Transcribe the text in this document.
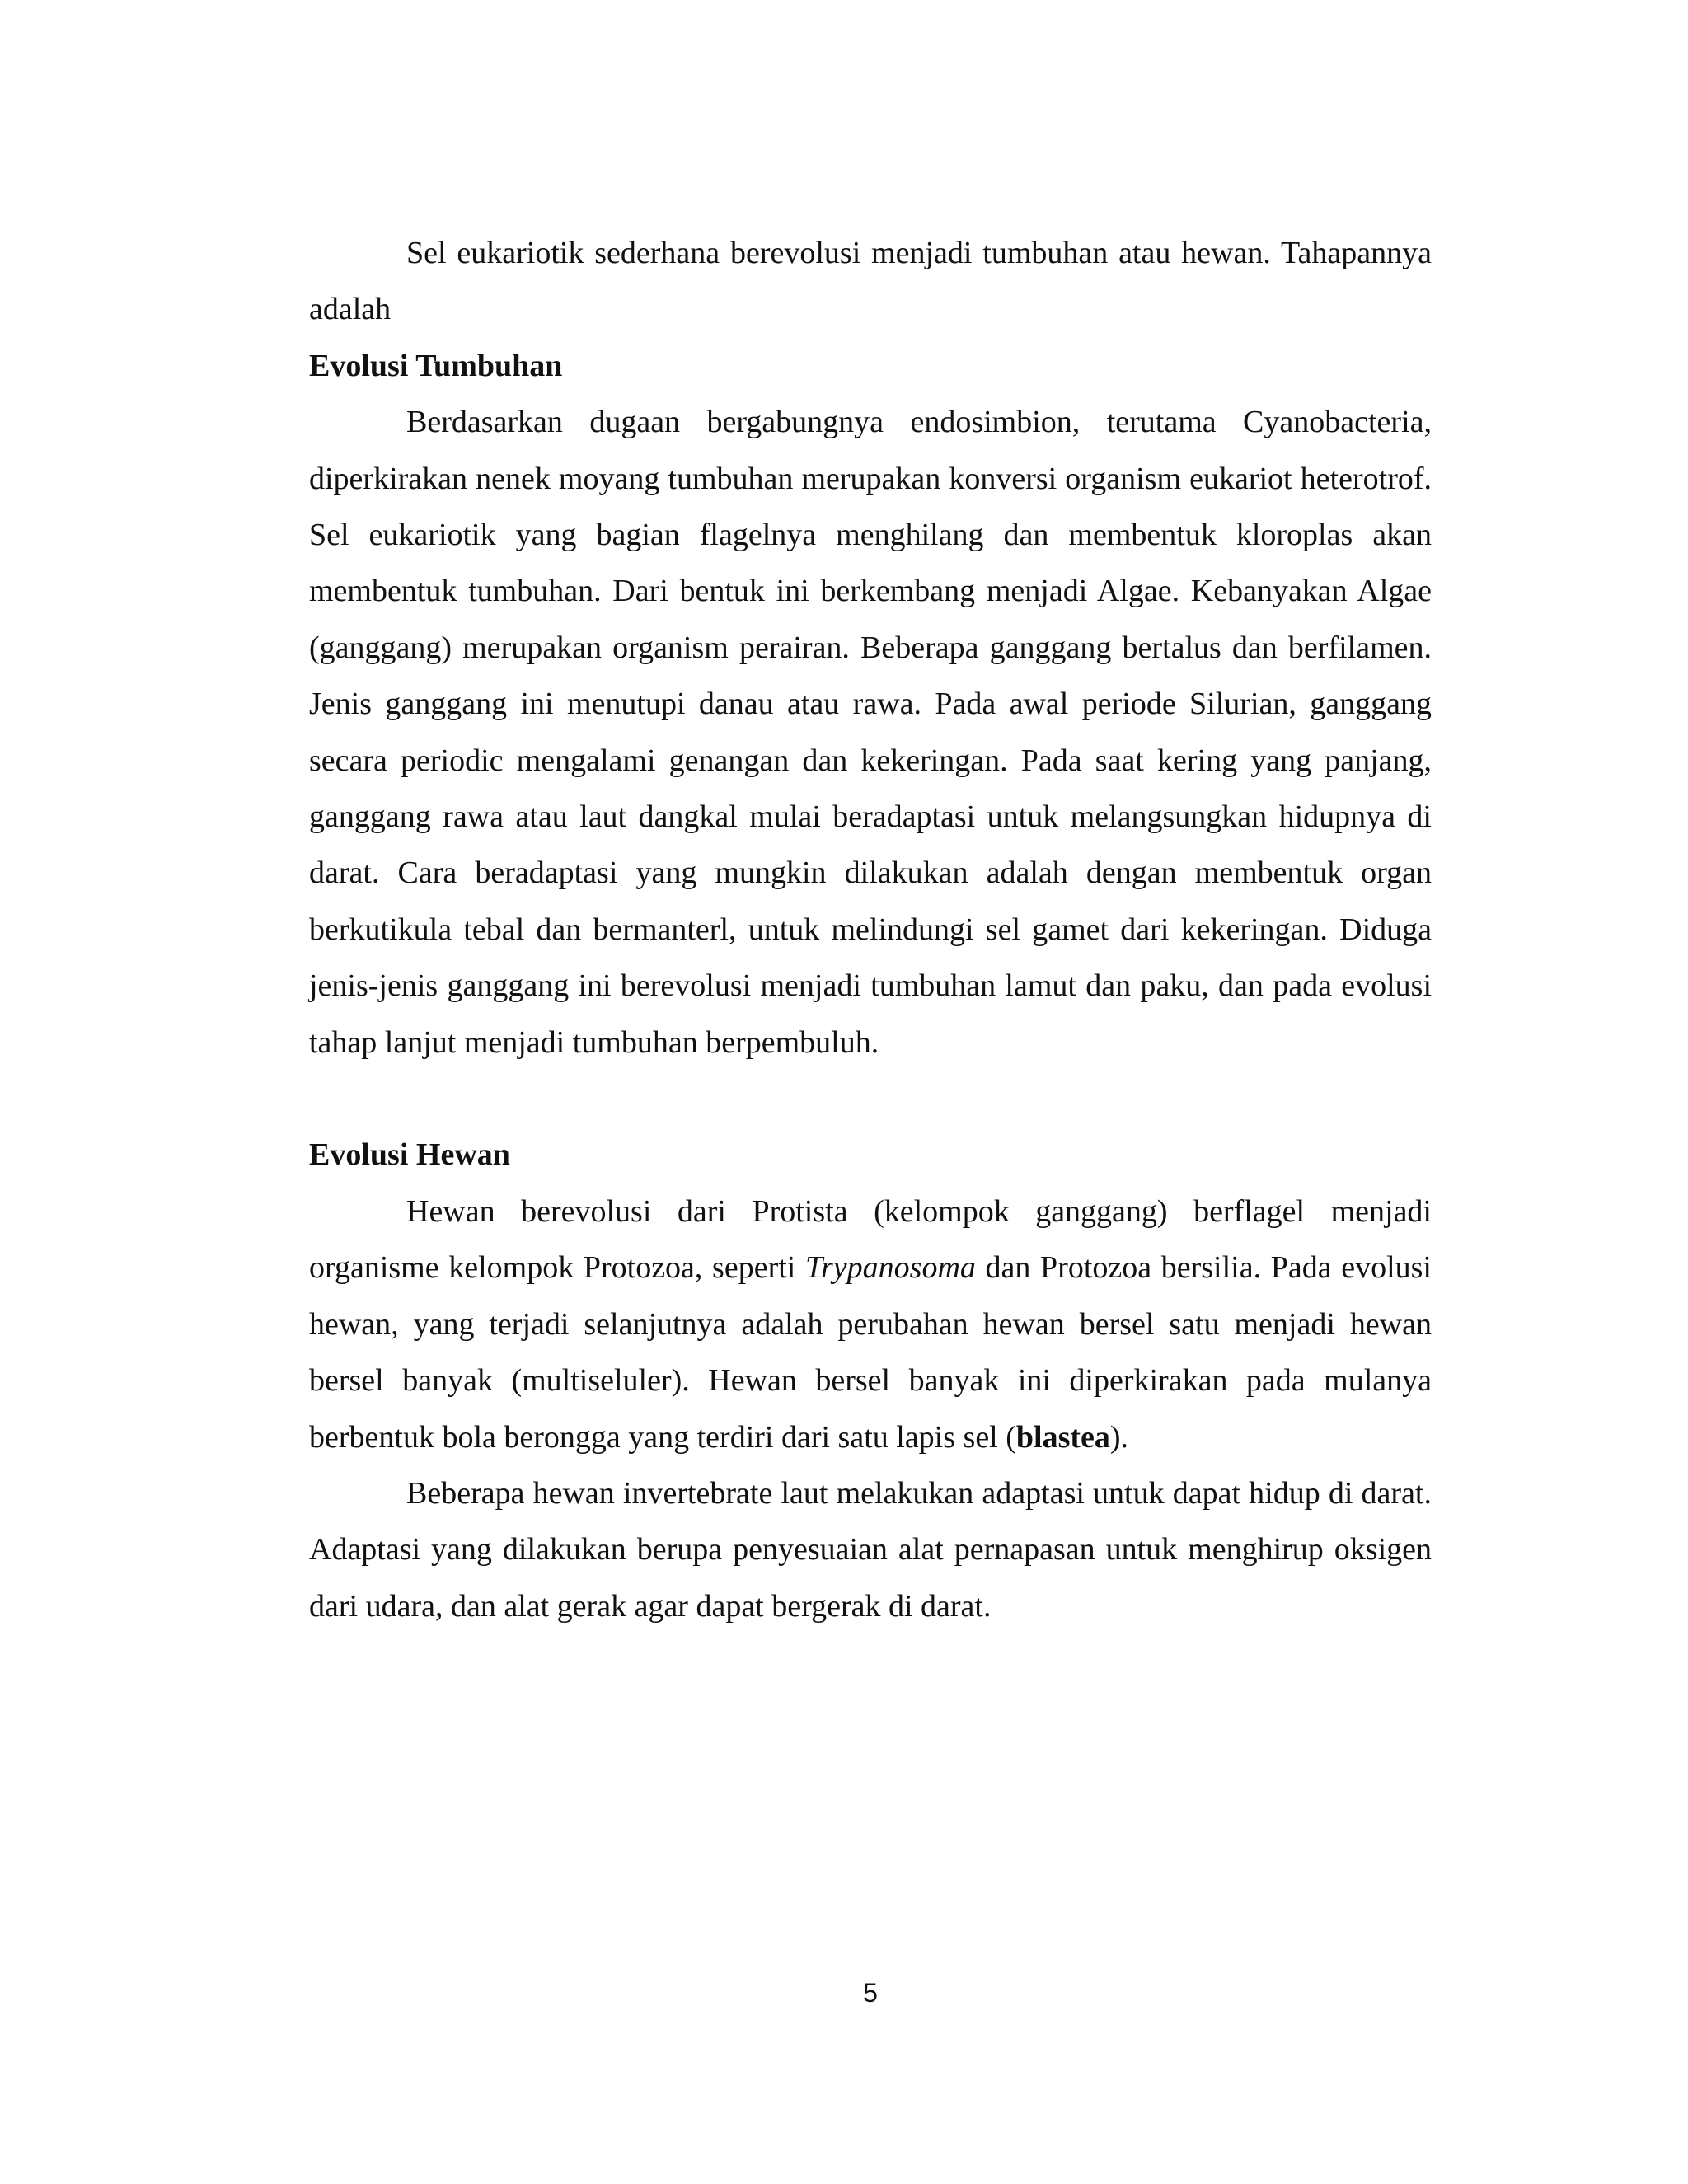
Sel eukariotik sederhana berevolusi menjadi tumbuhan atau hewan. Tahapannya adalah

Evolusi Tumbuhan

Berdasarkan dugaan bergabungnya endosimbion, terutama Cyanobacteria, diperkirakan nenek moyang tumbuhan merupakan konversi organism eukariot heterotrof. Sel eukariotik yang bagian flagelnya menghilang dan membentuk kloroplas akan membentuk tumbuhan. Dari bentuk ini berkembang menjadi Algae. Kebanyakan Algae (ganggang) merupakan organism perairan. Beberapa ganggang bertalus dan berfilamen. Jenis ganggang ini menutupi danau atau rawa. Pada awal periode Silurian, ganggang secara periodic mengalami genangan dan kekeringan. Pada saat kering yang panjang, ganggang rawa atau laut dangkal mulai beradaptasi untuk melangsungkan hidupnya di darat. Cara beradaptasi yang mungkin dilakukan adalah dengan membentuk organ berkutikula tebal dan bermanterl, untuk melindungi sel gamet dari kekeringan. Diduga jenis-jenis ganggang ini berevolusi menjadi tumbuhan lamut dan paku, dan pada evolusi tahap lanjut menjadi tumbuhan berpembuluh.

Evolusi Hewan

Hewan berevolusi dari Protista (kelompok ganggang) berflagel menjadi organisme kelompok Protozoa, seperti Trypanosoma dan Protozoa bersilia. Pada evolusi hewan, yang terjadi selanjutnya adalah perubahan hewan bersel satu menjadi hewan bersel banyak (multiseluler). Hewan bersel banyak ini diperkirakan pada mulanya berbentuk bola berongga yang terdiri dari satu lapis sel (blastea).

Beberapa hewan invertebrate laut melakukan adaptasi untuk dapat hidup di darat. Adaptasi yang dilakukan berupa penyesuaian alat pernapasan untuk menghirup oksigen dari udara, dan alat gerak agar dapat bergerak di darat.

5
